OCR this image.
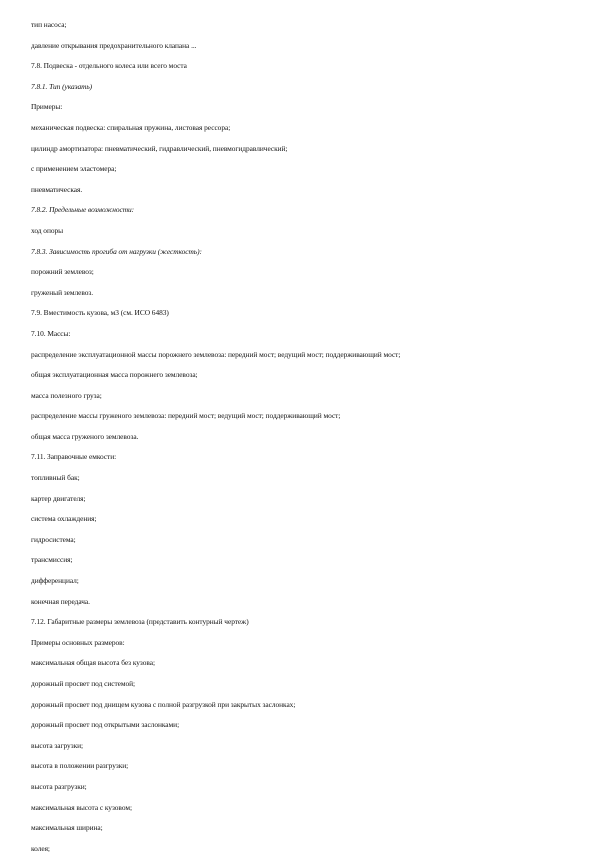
тип насоса;
давление открывания предохранительного клапана ...
7.8. Подвеска - отдельного колеса или всего моста
7.8.1. Тип (указать)
Примеры:
механическая подвеска: спиральная пружина, листовая рессора;
цилиндр амортизатора: пневматический, гидравлический, пневмогидравлический;
с применением эластомера;
пневматическая.
7.8.2. Предельные возможности:
ход опоры
7.8.3. Зависимость прогиба от нагрузки (жесткость):
порожний землевоз;
груженый землевоз.
7.9. Вместимость кузова, м3 (см. ИСО 6483)
7.10. Массы:
распределение эксплуатационной массы порожнего землевоза: передний мост; ведущий мост; поддерживающий мост;
общая эксплуатационная масса порожнего землевоза;
масса полезного груза;
распределение массы груженого землевоза: передний мост; ведущий мост; поддерживающий мост;
общая масса груженого землевоза.
7.11. Заправочные емкости:
топливный бак;
картер двигателя;
система охлаждения;
гидросистема;
трансмиссия;
дифференциал;
конечная передача.
7.12. Габаритные размеры землевоза (представить контурный чертеж)
Примеры основных размеров:
максимальная общая высота без кузова;
дорожный просвет под системой;
дорожный просвет под днищем кузова с полной разгрузкой при закрытых заслонках;
дорожный просвет под открытыми заслонками;
высота загрузки;
высота в положении разгрузки;
высота разгрузки;
максимальная высота с кузовом;
максимальная ширина;
колея;
